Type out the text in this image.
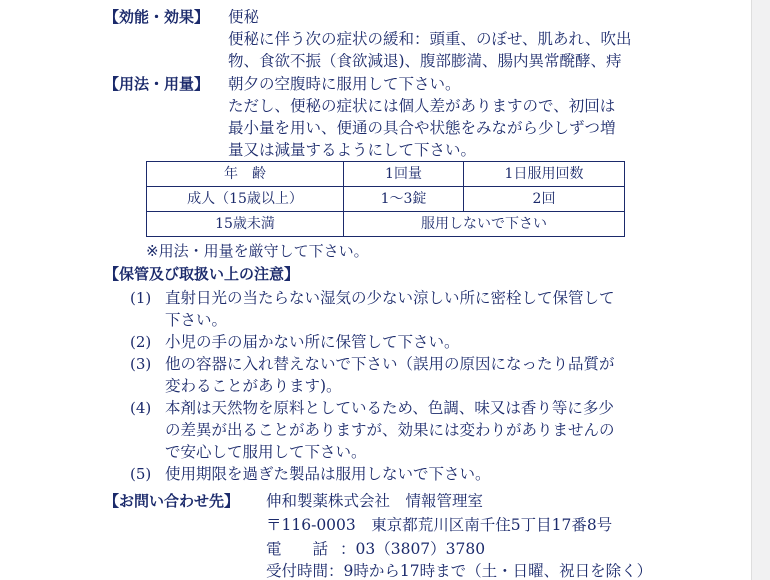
【効能・効果】 便秘
便秘に伴う次の症状の緩和：頭重、のぼせ、肌あれ、吹出
物、食欲不振（食欲減退)、腹部膨満、腸内異常醗酵、痔
【用法・用量】 朝夕の空腹時に服用して下さい。
ただし、便秘の症状には個人差がありますので、初回は
最小量を用い、便通の具合や状態をみながら少しずつ増
量又は減量するようにして下さい。
年　齢	1回量	1日服用回数
成人（15歳以上）	1〜3錠	2回
15歳未満	服用しないで下さい	
※用法・用量を厳守して下さい。
【保管及び取扱い上の注意】
(1) 直射日光の当たらない湿気の少ない涼しい所に密栓して保管して
下さい。
(2) 小児の手の届かない所に保管して下さい。
(3) 他の容器に入れ替えないで下さい（誤用の原因になったり品質が
変わることがあります)。
(4) 本剤は天然物を原料としているため、色調、味又は香り等に多少
の差異が出ることがありますが、効果には変わりがありませんの
で安心して服用して下さい。
(5) 使用期限を過ぎた製品は服用しないで下さい。
【お問い合わせ先】 伸和製薬株式会社　情報管理室
〒116-0003　東京都荒川区南千住5丁目17番8号
電　　話 ：03（3807）3780
受付時間：9時から17時まで（土・日曜、祝日を除く）
